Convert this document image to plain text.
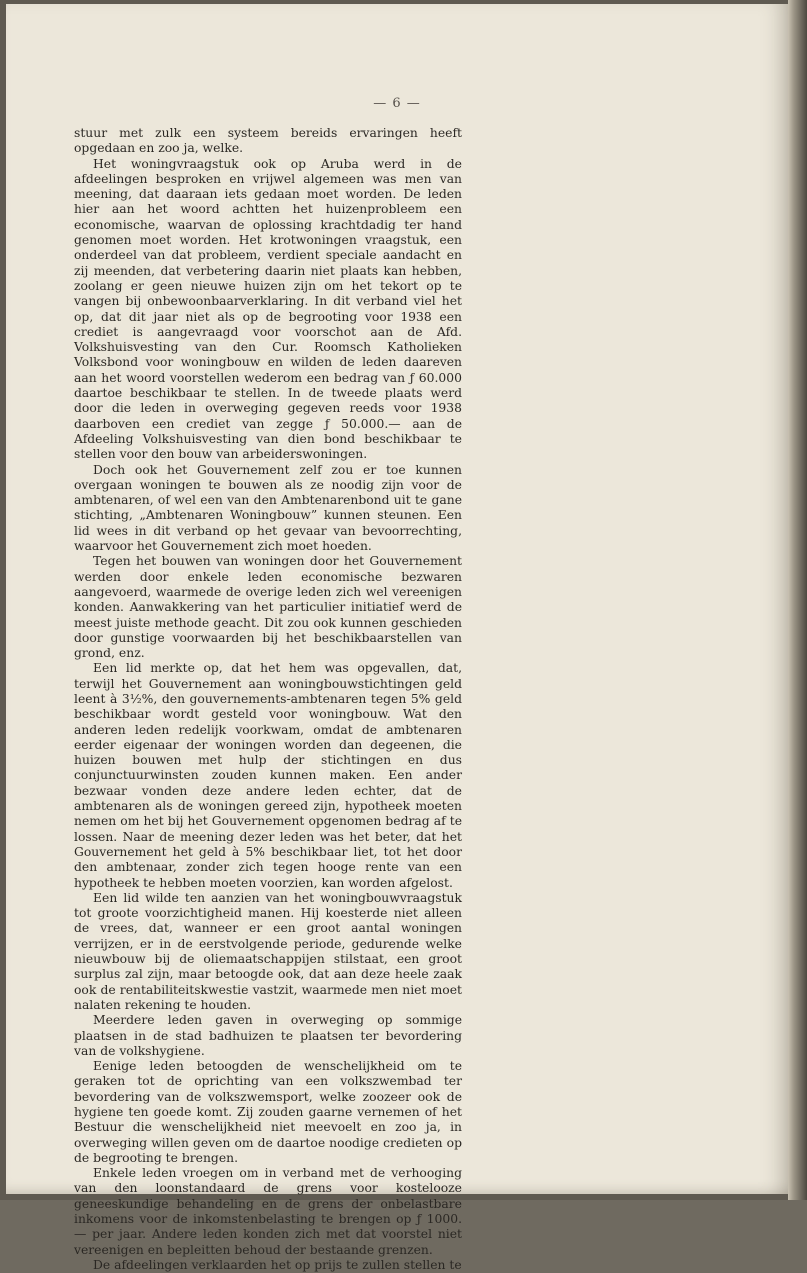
— 6 —

stuur met zulk een systeem bereids ervaringen heeft opgedaan en zoo ja, welke.

Het woningvraagstuk ook op Aruba werd in de afdeelingen besproken en vrijwel algemeen was men van meening, dat daaraan iets gedaan moet worden. De leden hier aan het woord achtten het huizenprobleem een economische, waarvan de oplossing krachtdadig ter hand genomen moet worden. Het krotwoningen vraagstuk, een onderdeel van dat probleem, verdient speciale aandacht en zij meenden, dat verbetering daarin niet plaats kan hebben, zoolang er geen nieuwe huizen zijn om het tekort op te vangen bij onbewoonbaarverklaring. In dit verband viel het op, dat dit jaar niet als op de begrooting voor 1938 een crediet is aangevraagd voor voorschot aan de Afd. Volkshuisvesting van den Cur. Roomsch Katholieken Volksbond voor woningbouw en wilden de leden daareven aan het woord voorstellen wederom een bedrag van ƒ 60.000 daartoe beschikbaar te stellen. In de tweede plaats werd door die leden in overweging gegeven reeds voor 1938 daarboven een crediet van zegge ƒ 50.000.— aan de Afdeeling Volkshuisvesting van dien bond beschikbaar te stellen voor den bouw van arbeiderswoningen.

Doch ook het Gouvernement zelf zou er toe kunnen overgaan woningen te bouwen als ze noodig zijn voor de ambtenaren, of wel een van den Ambtenarenbond uit te gane stichting, „Ambtenaren Woningbouw” kunnen steunen. Een lid wees in dit verband op het gevaar van bevoorrechting, waarvoor het Gouvernement zich moet hoeden.

Tegen het bouwen van woningen door het Gouvernement werden door enkele leden economische bezwaren aangevoerd, waarmede de overige leden zich wel vereenigen konden. Aanwakkering van het particulier initiatief werd de meest juiste methode geacht. Dit zou ook kunnen geschieden door gunstige voorwaarden bij het beschikbaarstellen van grond, enz.

Een lid merkte op, dat het hem was opgevallen, dat, terwijl het Gouvernement aan woningbouwstichtingen geld leent à 3½%, den gouvernements-ambtenaren tegen 5% geld beschikbaar wordt gesteld voor woningbouw. Wat den anderen leden redelijk voorkwam, omdat de ambtenaren eerder eigenaar der woningen worden dan degeenen, die huizen bouwen met hulp der stichtingen en dus conjunctuurwinsten zouden kunnen maken. Een ander bezwaar vonden deze andere leden echter, dat de ambtenaren als de woningen gereed zijn, hypotheek moeten nemen om het bij het Gouvernement opgenomen bedrag af te lossen. Naar de meening dezer leden was het beter, dat het Gouvernement het geld à 5% beschikbaar liet, tot het door den ambtenaar, zonder zich tegen hooge rente van een hypotheek te hebben moeten voorzien, kan worden afgelost.

Een lid wilde ten aanzien van het woningbouwvraagstuk tot groote voorzichtigheid manen. Hij koesterde niet alleen de vrees, dat, wanneer er een groot aantal woningen verrijzen, er in de eerstvolgende periode, gedurende welke nieuwbouw bij de oliemaatschappijen stilstaat, een groot surplus zal zijn, maar betoogde ook, dat aan deze heele zaak ook de rentabiliteitskwestie vastzit, waarmede men niet moet nalaten rekening te houden.

Meerdere leden gaven in overweging op sommige plaatsen in de stad badhuizen te plaatsen ter bevordering van de volkshygiene.

Eenige leden betoogden de wenschelijkheid om te geraken tot de oprichting van een volkszwembad ter bevordering van de volkszwemsport, welke zoozeer ook de hygiene ten goede komt. Zij zouden gaarne vernemen of het Bestuur die wenschelijkheid niet meevoelt en zoo ja, in overweging willen geven om de daartoe noodige credieten op de begrooting te brengen.

Enkele leden vroegen om in verband met de verhooging van den loonstandaard de grens voor kostelooze geneeskundige behandeling en de grens der onbelastbare inkomens voor de inkomstenbelasting te brengen op ƒ 1000.— per jaar. Andere leden konden zich met dat voorstel niet vereenigen en bepleitten behoud der bestaande grenzen.

De afdeelingen verklaarden het op prijs te zullen stellen te
